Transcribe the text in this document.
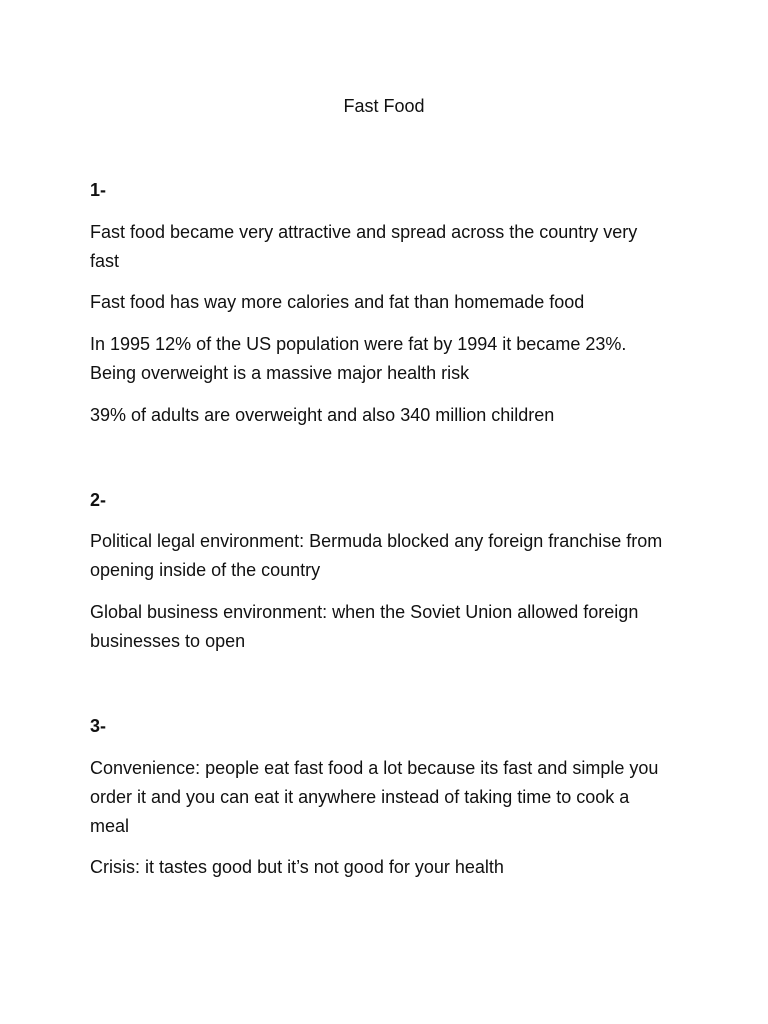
Fast Food
1-

Fast food became very attractive and spread across the country very fast

Fast food has way more calories and fat than homemade food

In 1995 12% of the US population were fat by 1994 it became 23%. Being overweight is a massive major health risk

39% of adults are overweight and also 340 million children

2-

Political legal environment: Bermuda blocked any foreign franchise from opening inside of the country

Global business environment: when the Soviet Union allowed foreign businesses to open

3-

Convenience: people eat fast food a lot because its fast and simple you order it and you can eat it anywhere instead of taking time to cook a meal

Crisis: it tastes good but it’s not good for your health
